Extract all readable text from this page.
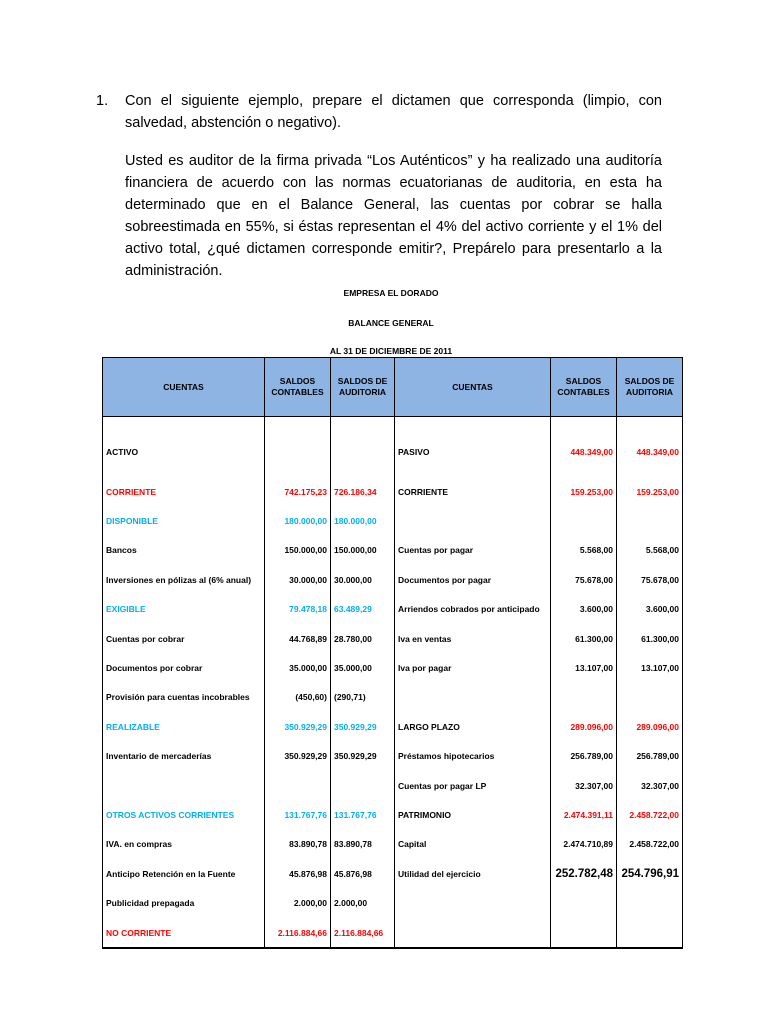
1. Con el siguiente ejemplo, prepare el dictamen que corresponda (limpio, con salvedad, abstención o negativo).
Usted es auditor de la firma privada “Los Auténticos” y ha realizado una auditoría financiera de acuerdo con las normas ecuatorianas de auditoria, en esta ha determinado que en el Balance General, las cuentas por cobrar se halla sobreestimada en 55%, si éstas representan el 4% del activo corriente y el 1% del activo total, ¿qué dictamen corresponde emitir?, Prepárelo para presentarlo a la administración.
EMPRESA EL DORADO
BALANCE GENERAL
AL 31 DE DICIEMBRE DE 2011
CUENTAS	SALDOS CONTABLES	SALDOS DE AUDITORIA	CUENTAS	SALDOS CONTABLES	SALDOS DE AUDITORIA
ACTIVO			PASIVO	448.349,00	448.349,00
CORRIENTE	742.175,23	726.186,34	CORRIENTE	159.253,00	159.253,00
DISPONIBLE	180.000,00	180.000,00			
Bancos	150.000,00	150.000,00	Cuentas por pagar	5.568,00	5.568,00
Inversiones en pólizas al (6% anual)	30.000,00	30.000,00	Documentos por pagar	75.678,00	75.678,00
EXIGIBLE	79.478,18	63.489,29	Arriendos cobrados por anticipado	3.600,00	3.600,00
Cuentas por cobrar	44.768,89	28.780,00	Iva en ventas	61.300,00	61.300,00
Documentos por cobrar	35.000,00	35.000,00	Iva por pagar	13.107,00	13.107,00
Provisión para cuentas incobrables	(450,60)	(290,71)			
REALIZABLE	350.929,29	350.929,29	LARGO PLAZO	289.096,00	289.096,00
Inventario de mercaderías	350.929,29	350.929,29	Préstamos hipotecarios	256.789,00	256.789,00
			Cuentas por pagar LP	32.307,00	32.307,00
OTROS ACTIVOS CORRIENTES	131.767,76	131.767,76	PATRIMONIO	2.474.391,11	2.458.722,00
IVA. en compras	83.890,78	83.890,78	Capital	2.474.710,89	2.458.722,00
Anticipo Retención en la Fuente	45.876,98	45.876,98	Utilidad del ejercicio	252.782,48	254.796,91
Publicidad prepagada	2.000,00	2.000,00			
NO CORRIENTE	2.116.884,66	2.116.884,66			
